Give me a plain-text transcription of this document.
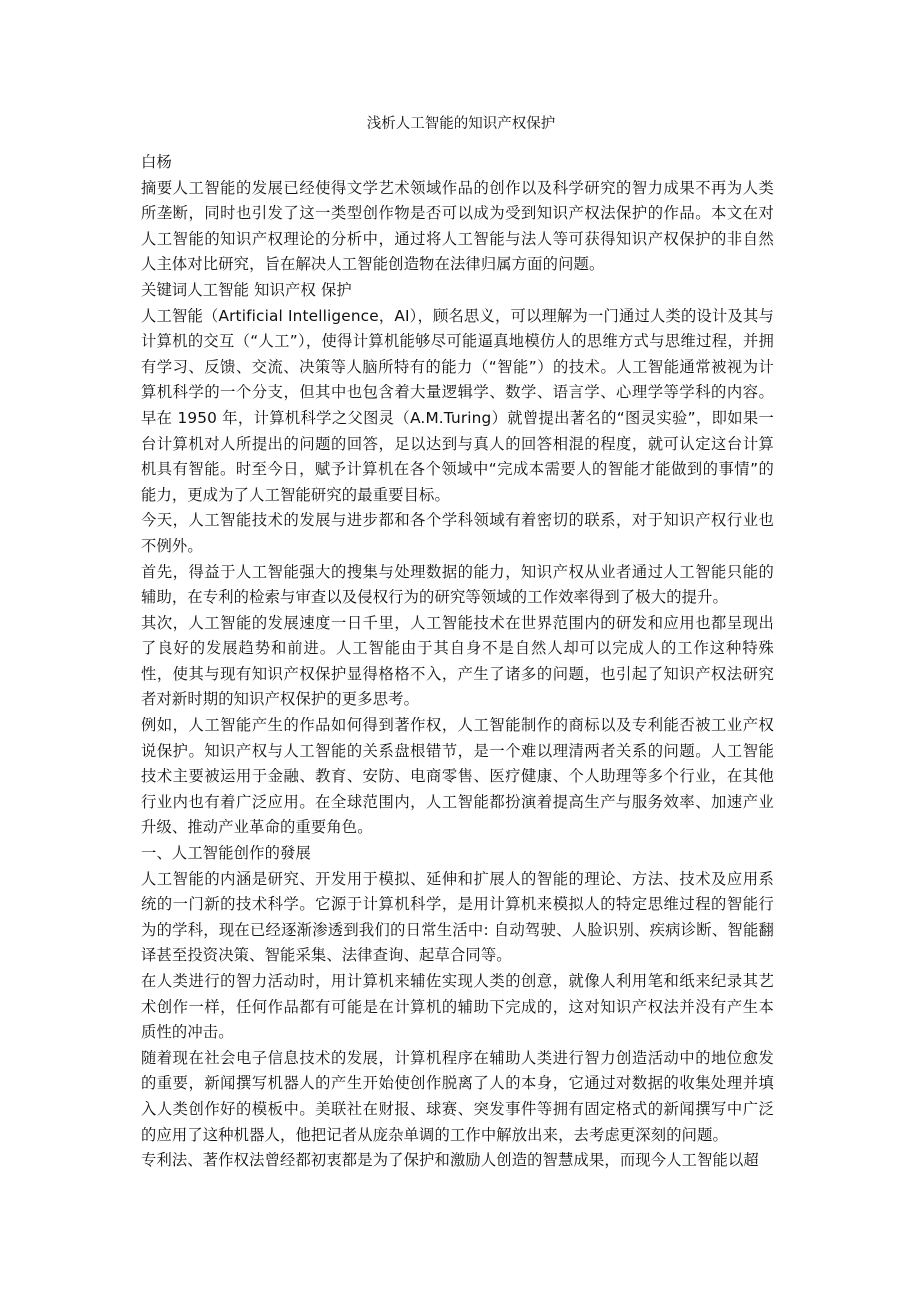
浅析人工智能的知识产权保护

白杨

摘要人工智能的发展已经使得文学艺术领域作品的创作以及科学研究的智力成果不再为人类所垄断，同时也引发了这一类型创作物是否可以成为受到知识产权法保护的作品。本文在对人工智能的知识产权理论的分析中，通过将人工智能与法人等可获得知识产权保护的非自然人主体对比研究，旨在解决人工智能创造物在法律归属方面的问题。

关键词人工智能 知识产权 保护

人工智能（Artificial Intelligence，AI），顾名思义，可以理解为一门通过人类的设计及其与计算机的交互（“人工”），使得计算机能够尽可能逼真地模仿人的思维方式与思维过程，并拥有学习、反馈、交流、决策等人脑所特有的能力（“智能”）的技术。人工智能通常被视为计算机科学的一个分支，但其中也包含着大量逻辑学、数学、语言学、心理学等学科的内容。早在 1950 年，计算机科学之父图灵（A.M.Turing）就曾提出著名的“图灵实验”，即如果一台计算机对人所提出的问题的回答，足以达到与真人的回答相混的程度，就可认定这台计算机具有智能。时至今日，赋予计算机在各个领域中“完成本需要人的智能才能做到的事情”的能力，更成为了人工智能研究的最重要目标。

今天，人工智能技术的发展与进步都和各个学科领域有着密切的联系，对于知识产权行业也不例外。

首先，得益于人工智能强大的搜集与处理数据的能力，知识产权从业者通过人工智能只能的辅助，在专利的检索与审查以及侵权行为的研究等领域的工作效率得到了极大的提升。

其次，人工智能的发展速度一日千里，人工智能技术在世界范围内的研发和应用也都呈现出了良好的发展趋势和前进。人工智能由于其自身不是自然人却可以完成人的工作这种特殊性，使其与现有知识产权保护显得格格不入，产生了诸多的问题，也引起了知识产权法研究者对新时期的知识产权保护的更多思考。

例如，人工智能产生的作品如何得到著作权，人工智能制作的商标以及专利能否被工业产权说保护。知识产权与人工智能的关系盘根错节，是一个难以理清两者关系的问题。人工智能技术主要被运用于金融、教育、安防、电商零售、医疗健康、个人助理等多个行业，在其他行业内也有着广泛应用。在全球范围内，人工智能都扮演着提高生产与服务效率、加速产业升级、推动产业革命的重要角色。

一、人工智能创作的發展

人工智能的内涵是研究、开发用于模拟、延伸和扩展人的智能的理论、方法、技术及应用系统的一门新的技术科学。它源于计算机科学，是用计算机来模拟人的特定思维过程的智能行为的学科，现在已经逐渐渗透到我们的日常生活中: 自动驾驶、人脸识别、疾病诊断、智能翻译甚至投资决策、智能采集、法律查询、起草合同等。

在人类进行的智力活动时，用计算机来辅佐实现人类的创意，就像人利用笔和纸来纪录其艺术创作一样，任何作品都有可能是在计算机的辅助下完成的，这对知识产权法并没有产生本质性的冲击。

随着现在社会电子信息技术的发展，计算机程序在辅助人类进行智力创造活动中的地位愈发的重要，新闻撰写机器人的产生开始使创作脱离了人的本身，它通过对数据的收集处理并填入人类创作好的模板中。美联社在财报、球赛、突发事件等拥有固定格式的新闻撰写中广泛的应用了这种机器人，他把记者从庞杂单调的工作中解放出来，去考虑更深刻的问题。

专利法、著作权法曾经都初衷都是为了保护和激励人创造的智慧成果，而现今人工智能以超
